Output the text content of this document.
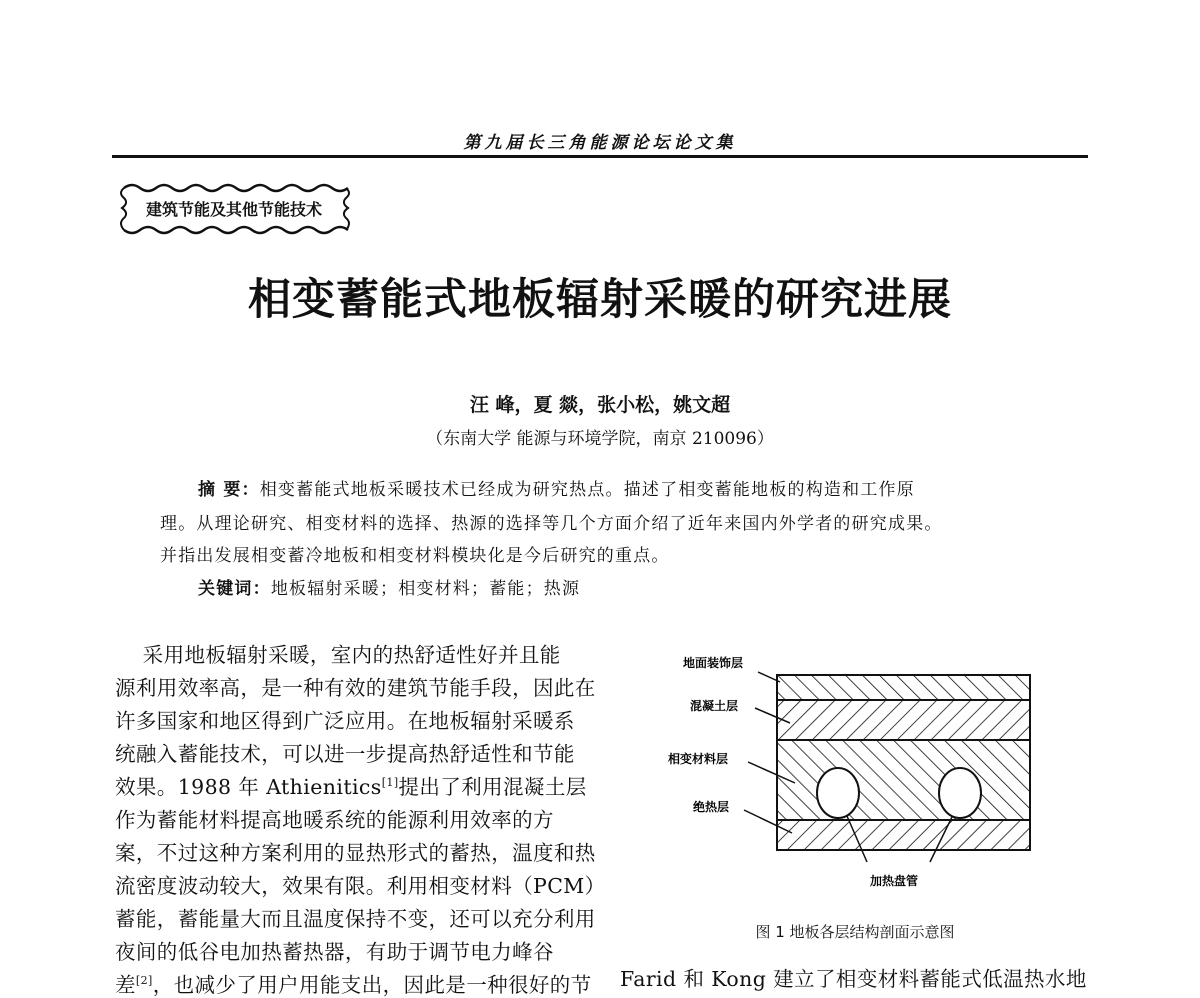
第九届长三角能源论坛论文集
建筑节能及其他节能技术
相变蓄能式地板辐射采暖的研究进展
汪 峰，夏 燚，张小松，姚文超
（东南大学 能源与环境学院，南京 210096）
摘 要：相变蓄能式地板采暖技术已经成为研究热点。描述了相变蓄能地板的构造和工作原
理。从理论研究、相变材料的选择、热源的选择等几个方面介绍了近年来国内外学者的研究成果。
并指出发展相变蓄冷地板和相变材料模块化是今后研究的重点。
关键词：地板辐射采暖；相变材料；蓄能；热源
采用地板辐射采暖，室内的热舒适性好并且能
源利用效率高，是一种有效的建筑节能手段，因此在
许多国家和地区得到广泛应用。在地板辐射采暖系
统融入蓄能技术，可以进一步提高热舒适性和节能
效果。1988 年 Athienitics[1]提出了利用混凝土层
作为蓄能材料提高地暖系统的能源利用效率的方
案，不过这种方案利用的显热形式的蓄热，温度和热
流密度波动较大，效果有限。利用相变材料（PCM）
蓄能，蓄能量大而且温度保持不变，还可以充分利用
夜间的低谷电加热蓄热器，有助于调节电力峰谷
差[2]，也减少了用户用能支出，因此是一种很好的节
地面装饰层
混凝土层
相变材料层
绝热层
加热盘管
图 1 地板各层结构剖面示意图
Farid 和 Kong 建立了相变材料蓄能式低温热水地
